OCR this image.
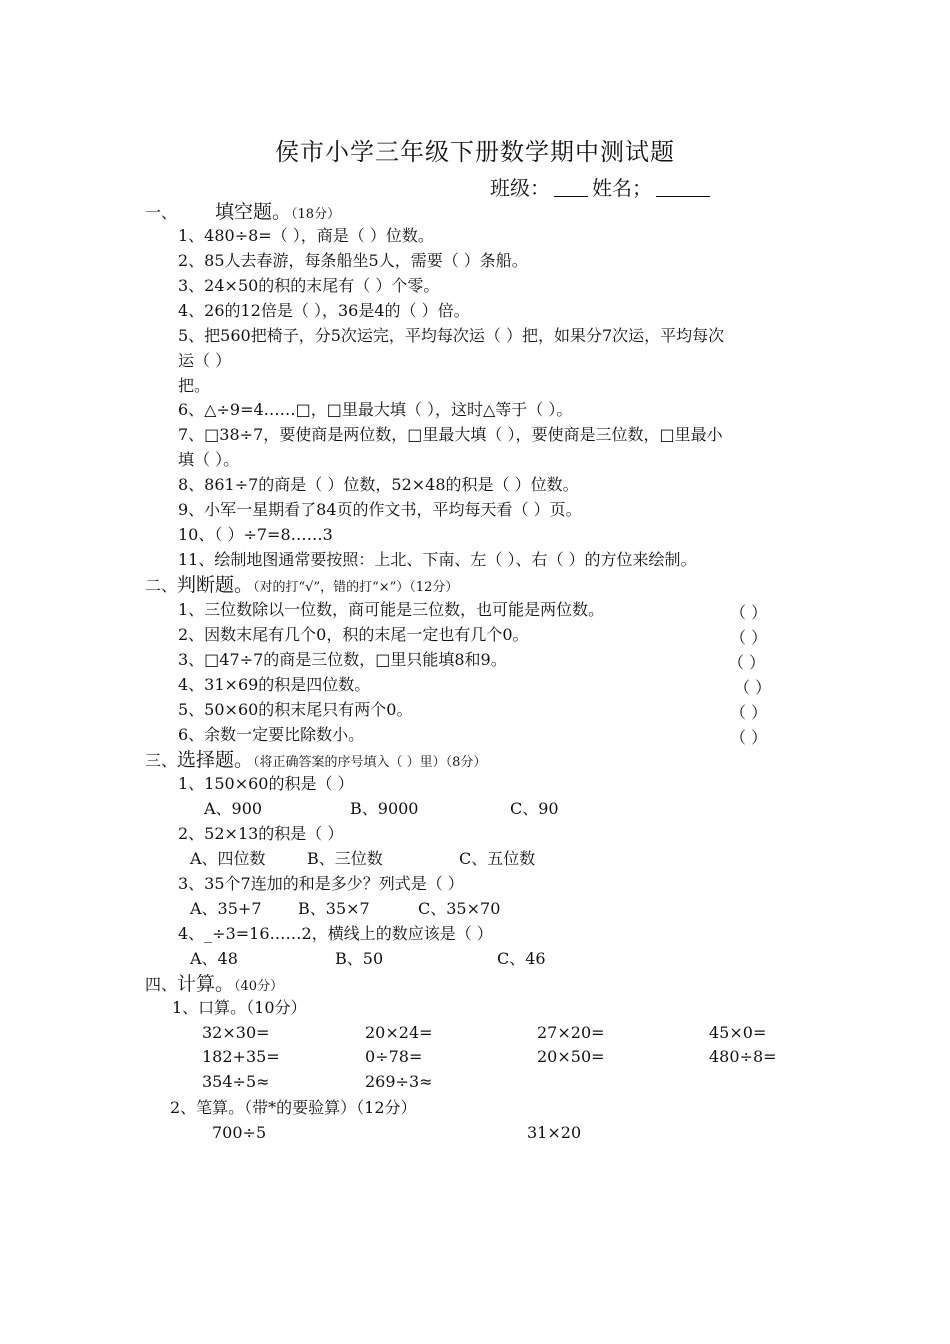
侯市小学三年级下册数学期中测试题
班级： 姓名；
一、 填空题。（18分）
1、480÷8=（ ），商是（ ）位数。
2、85人去春游，每条船坐5人，需要（ ）条船。
3、24×50的积的末尾有（ ）个零。
4、26的12倍是（ ），36是4的（ ）倍。
5、把560把椅子，分5次运完，平均每次运（ ）把，如果分7次运，平均每次
运（ ）
把。
6、△÷9=4……□，□里最大填（ ），这时△等于（ ）。
7、□38÷7，要使商是两位数，□里最大填（ ），要使商是三位数，□里最小
填（ ）。
8、861÷7的商是（ ）位数，52×48的积是（ ）位数。
9、小军一星期看了84页的作文书，平均每天看（ ）页。
10、（ ）÷7=8……3
11、绘制地图通常要按照：上北、下南、左（ ）、右（ ）的方位来绘制。
二、判断题。（对的打“√”，错的打“×”）（12分）
1、三位数除以一位数，商可能是三位数，也可能是两位数。	（ ）
2、因数末尾有几个0，积的末尾一定也有几个0。	（ ）
3、□47÷7的商是三位数，□里只能填8和9。	（ ）
4、31×69的积是四位数。	（ ）
5、50×60的积末尾只有两个0。	（ ）
6、余数一定要比除数小。	（ ）
三、选择题。（将正确答案的序号填入（ ）里）（8分）
1、150×60的积是（ ）
A、900	B、9000	C、90
2、52×13的积是（ ）
A、四位数	B、三位数	C、五位数
3、35个7连加的和是多少？列式是（ ）
A、35+7 B、35×7	C、35×70
4、_÷3=16……2，横线上的数应该是（ ）
A、48	B、50	C、46
四、计算。（40分）
1、口算。（10分）
32×30=	20×24=	27×20=	45×0=
182+35=	0÷78=	20×50=	480÷8=
354÷5≈	269÷3≈
2、笔算。（带*的要验算）（12分）
700÷5	31×20
